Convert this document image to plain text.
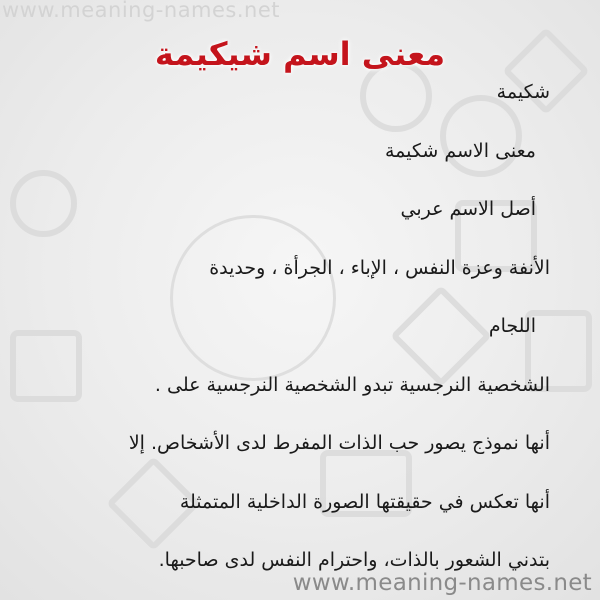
www.meaning-names.net
معنى اسم شيكيمة
شكيمة
معنى الاسم شكيمة
أصل الاسم عربي
الأنفة وعزة النفس ، الإباء ، الجرأة ، وحديدة
اللجام
الشخصية النرجسية تبدو الشخصية النرجسية على .
أنها نموذج يصور حب الذات المفرط لدى الأشخاص. إلا
أنها تعكس في حقيقتها الصورة الداخلية المتمثلة
بتدني الشعور بالذات، واحترام النفس لدى صاحبها.
www.meaning-names.net
